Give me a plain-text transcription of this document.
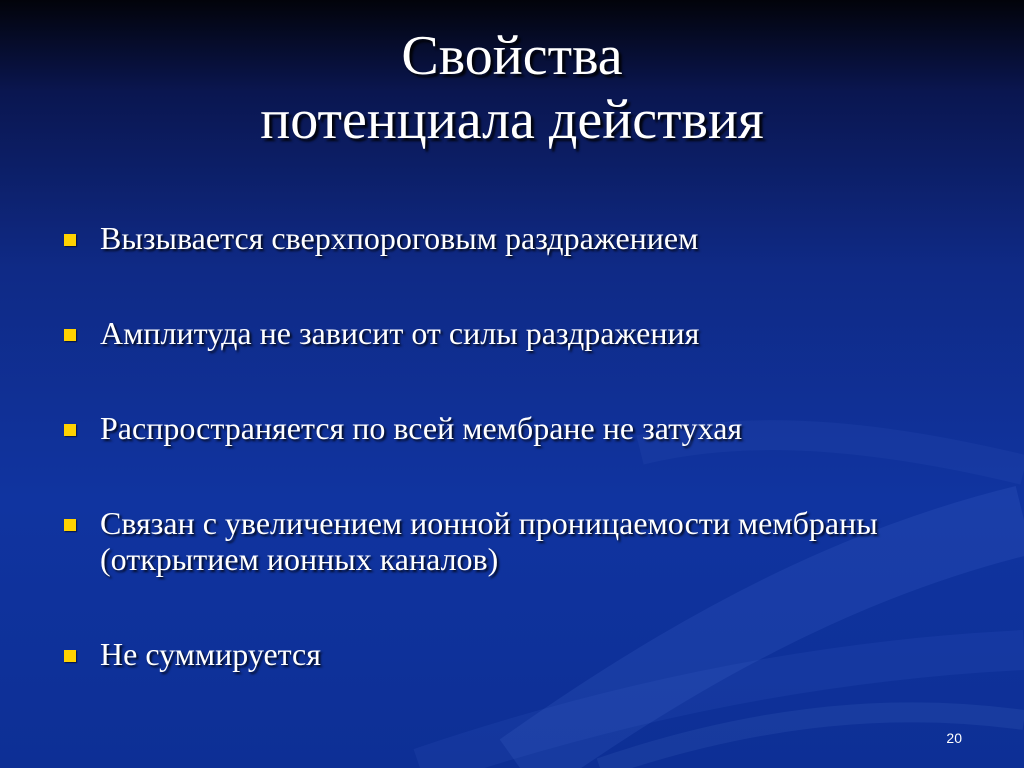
Свойства
потенциала действия
Вызывается сверхпороговым раздражением
Амплитуда не зависит от силы раздражения
Распространяется по всей мембране не затухая
Связан с увеличением ионной проницаемости мембраны (открытием ионных каналов)
Не суммируется
20
